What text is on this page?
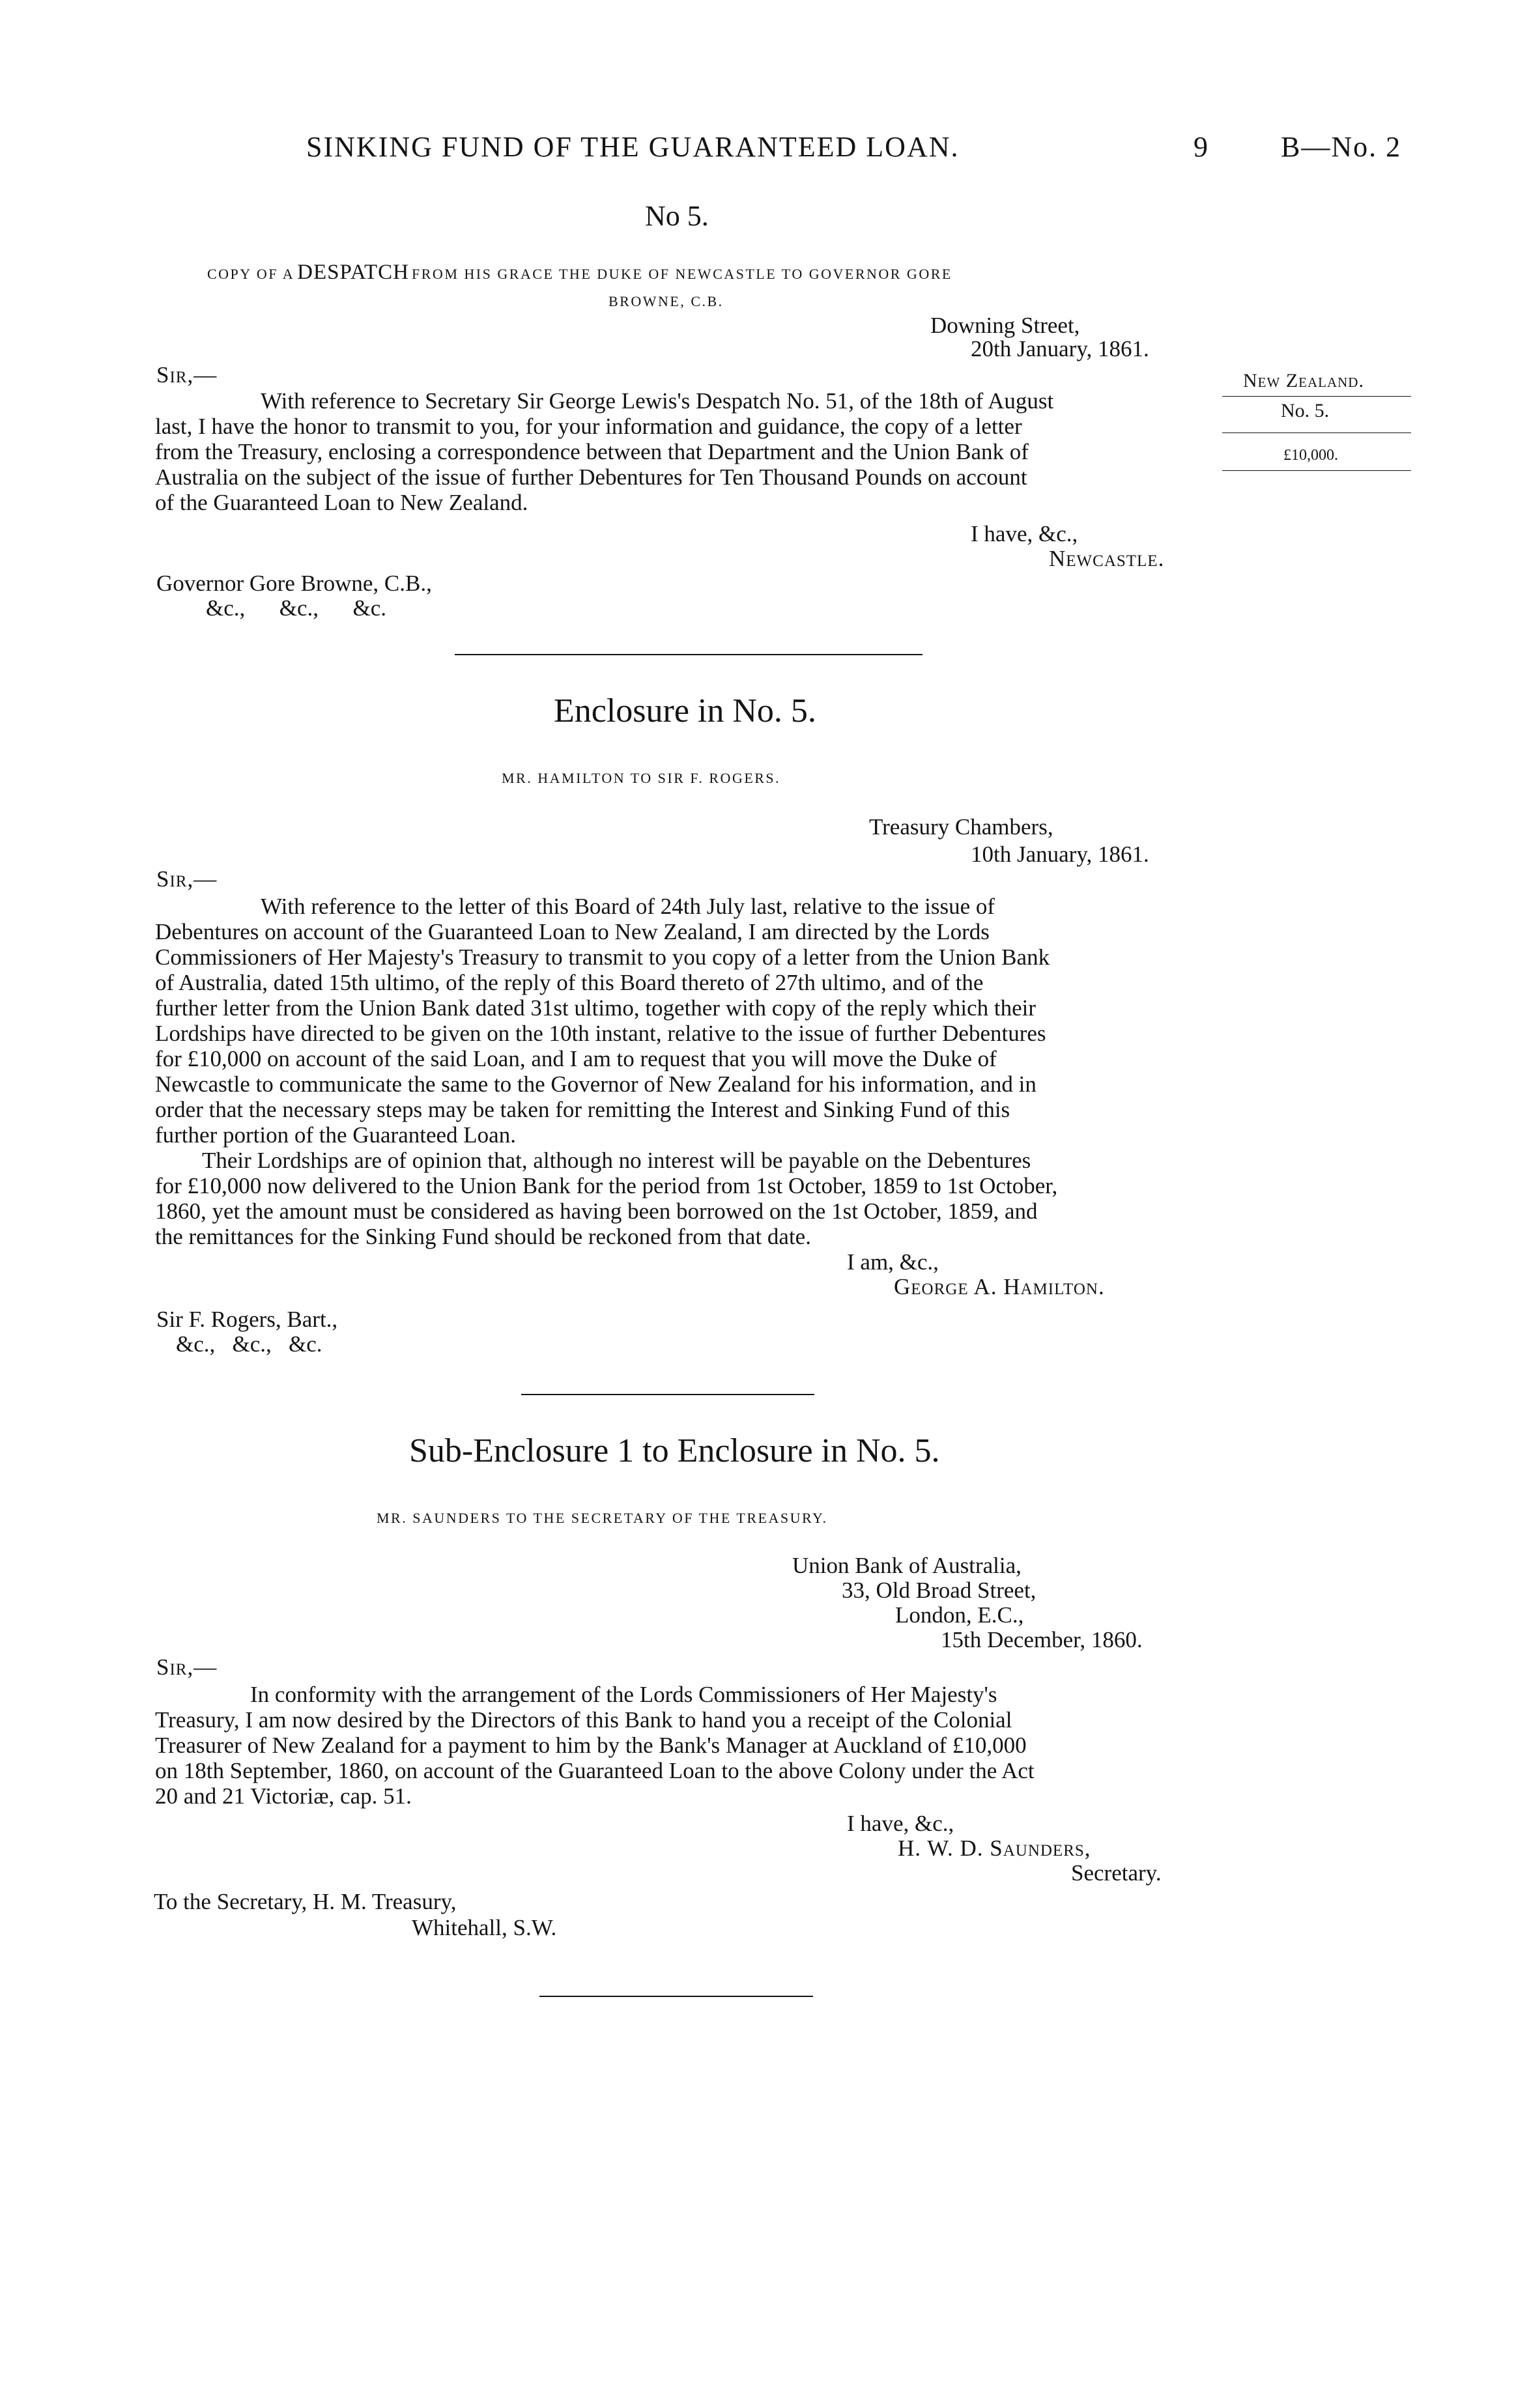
SINKING FUND OF THE GUARANTEED LOAN.	9	B—No. 2
No 5.
COPY OF A DESPATCH FROM HIS GRACE THE DUKE OF NEWCASTLE TO GOVERNOR GORE
BROWNE, C.B.
Downing Street,
20th January, 1861.
Sir,—
With reference to Secretary Sir George Lewis's Despatch No. 51, of the 18th of August
last, I have the honor to transmit to you, for your information and guidance, the copy of a letter
from the Treasury, enclosing a correspondence between that Department and the Union Bank of
Australia on the subject of the issue of further Debentures for Ten Thousand Pounds on account
of the Guaranteed Loan to New Zealand.
New Zealand.
No. 5.
£10,000.
I have, &c.,
Newcastle.
Governor Gore Browne, C.B.,
&c.,      &c.,      &c.
Enclosure in No. 5.
MR. HAMILTON TO SIR F. ROGERS.
Treasury Chambers,
10th January, 1861.
Sir,—
With reference to the letter of this Board of 24th July last, relative to the issue of
Debentures on account of the Guaranteed Loan to New Zealand, I am directed by the Lords
Commissioners of Her Majesty's Treasury to transmit to you copy of a letter from the Union Bank
of Australia, dated 15th ultimo, of the reply of this Board thereto of 27th ultimo, and of the
further letter from the Union Bank dated 31st ultimo, together with copy of the reply which their
Lordships have directed to be given on the 10th instant, relative to the issue of further Debentures
for £10,000 on account of the said Loan, and I am to request that you will move the Duke of
Newcastle to communicate the same to the Governor of New Zealand for his information, and in
order that the necessary steps may be taken for remitting the Interest and Sinking Fund of this
further portion of the Guaranteed Loan.
Their Lordships are of opinion that, although no interest will be payable on the Debentures
for £10,000 now delivered to the Union Bank for the period from 1st October, 1859 to 1st October,
1860, yet the amount must be considered as having been borrowed on the 1st October, 1859, and
the remittances for the Sinking Fund should be reckoned from that date.
I am, &c.,
George A. Hamilton.
Sir F. Rogers, Bart.,
&c.,   &c.,   &c.
Sub-Enclosure 1 to Enclosure in No. 5.
MR. SAUNDERS TO THE SECRETARY OF THE TREASURY.
Union Bank of Australia,
33, Old Broad Street,
London, E.C.,
15th December, 1860.
Sir,—
In conformity with the arrangement of the Lords Commissioners of Her Majesty's
Treasury, I am now desired by the Directors of this Bank to hand you a receipt of the Colonial
Treasurer of New Zealand for a payment to him by the Bank's Manager at Auckland of £10,000
on 18th September, 1860, on account of the Guaranteed Loan to the above Colony under the Act
20 and 21 Victoriæ, cap. 51.
I have, &c.,
H. W. D. Saunders,
Secretary.
To the Secretary, H. M. Treasury,
Whitehall, S.W.
